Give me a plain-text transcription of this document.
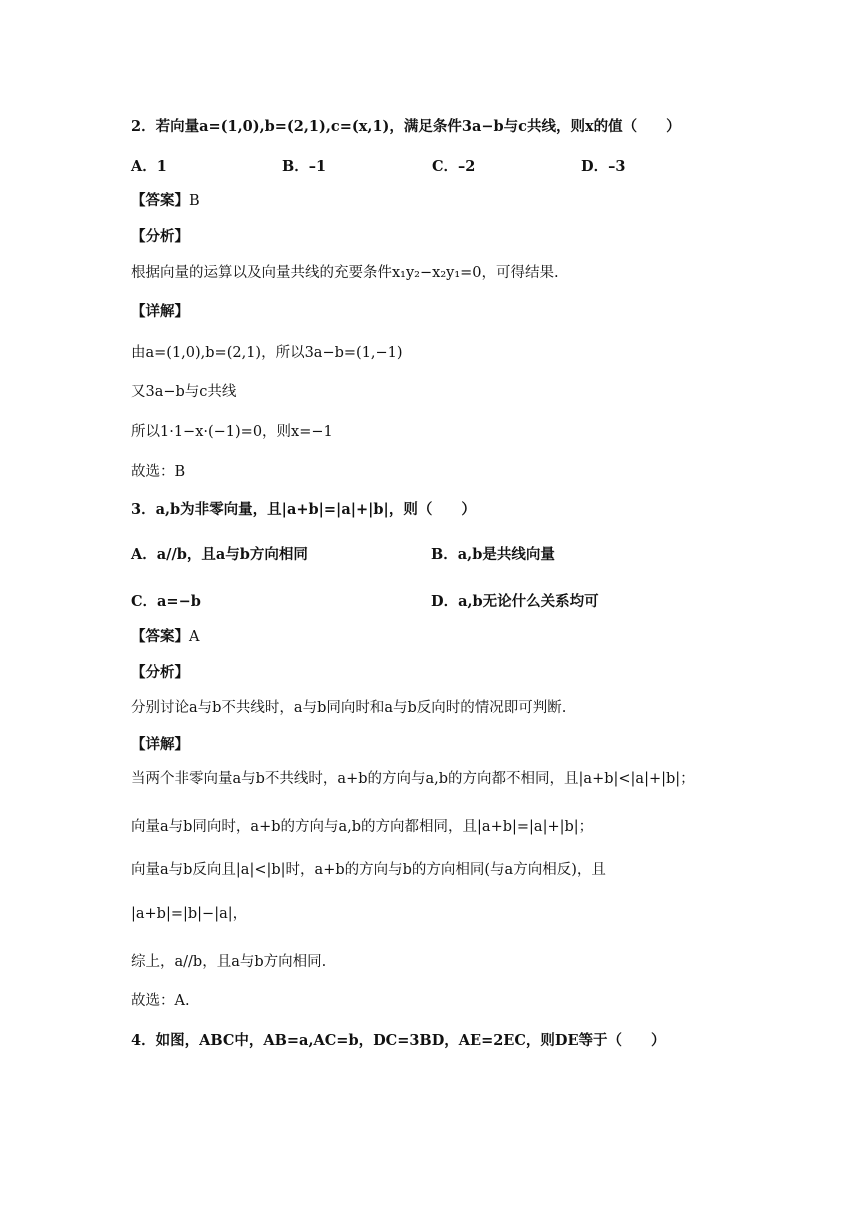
2．若向量a=(1,0),b=(2,1),c=(x,1)，满足条件3a−b与c共线，则x的值（　　）
A．1	B．–1	C．–2	D．–3
【答案】B
【分析】
根据向量的运算以及向量共线的充要条件x₁y₂−x₂y₁=0，可得结果.
【详解】
由a=(1,0),b=(2,1)，所以3a−b=(1,−1)
又3a−b与c共线
所以1·1−x·(−1)=0，则x=−1
故选：B
3．a,b为非零向量，且|a+b|=|a|+|b|，则（　　）
A．a//b，且a与b方向相同	B．a,b是共线向量
C．a=−b	D．a,b无论什么关系均可
【答案】A
【分析】
分别讨论a与b不共线时，a与b同向时和a与b反向时的情况即可判断.
【详解】
当两个非零向量a与b不共线时，a+b的方向与a,b的方向都不相同，且|a+b|<|a|+|b|；
向量a与b同向时，a+b的方向与a,b的方向都相同，且|a+b|=|a|+|b|；
向量a与b反向且|a|<|b|时，a+b的方向与b的方向相同(与a方向相反)，且
|a+b|=|b|−|a|，
综上，a//b，且a与b方向相同.
故选：A.
4．如图，ABC中，AB=a,AC=b，DC=3BD，AE=2EC，则DE等于（　　）
